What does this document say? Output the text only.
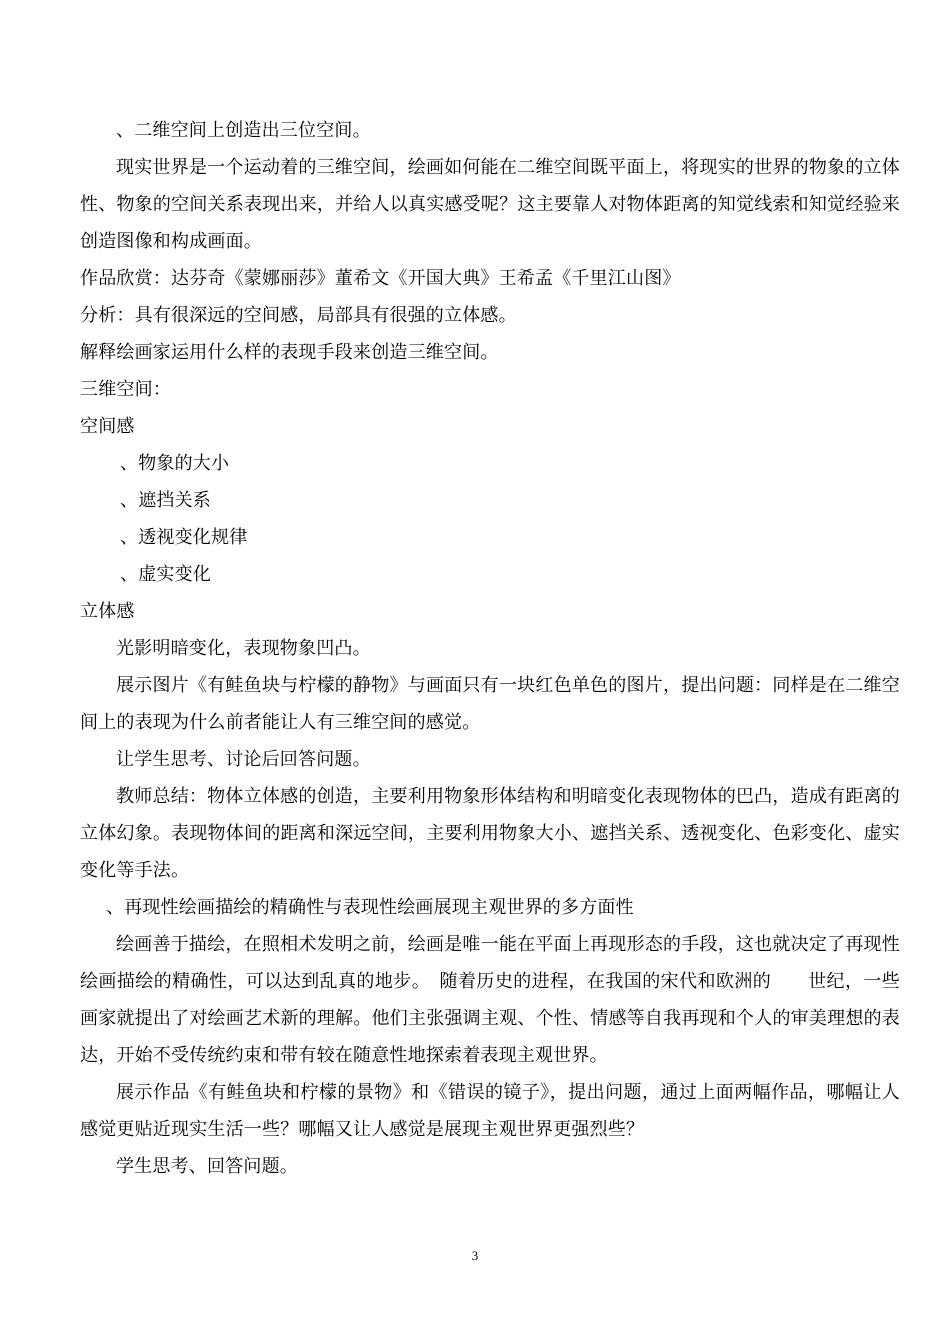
、二维空间上创造出三位空间。

现实世界是一个运动着的三维空间，绘画如何能在二维空间既平面上，将现实的世界的物象的立体性、物象的空间关系表现出来，并给人以真实感受呢？这主要靠人对物体距离的知觉线索和知觉经验来创造图像和构成画面。

作品欣赏：达芬奇《蒙娜丽莎》董希文《开国大典》王希孟《千里江山图》

分析：具有很深远的空间感，局部具有很强的立体感。

解释绘画家运用什么样的表现手段来创造三维空间。

三维空间：

空间感

、物象的大小

、遮挡关系

、透视变化规律

、虚实变化

立体感

光影明暗变化，表现物象凹凸。

展示图片《有鲑鱼块与柠檬的静物》与画面只有一块红色单色的图片，提出问题：同样是在二维空间上的表现为什么前者能让人有三维空间的感觉。

让学生思考、讨论后回答问题。

教师总结：物体立体感的创造，主要利用物象形体结构和明暗变化表现物体的巴凸，造成有距离的立体幻象。表现物体间的距离和深远空间，主要利用物象大小、遮挡关系、透视变化、色彩变化、虚实变化等手法。

、再现性绘画描绘的精确性与表现性绘画展现主观世界的多方面性

绘画善于描绘，在照相术发明之前，绘画是唯一能在平面上再现形态的手段，这也就决定了再现性绘画描绘的精确性，可以达到乱真的地步。　随着历史的进程，在我国的宋代和欧洲的　　世纪，一些画家就提出了对绘画艺术新的理解。他们主张强调主观、个性、情感等自我再现和个人的审美理想的表达，开始不受传统约束和带有较在随意性地探索着表现主观世界。

展示作品《有鲑鱼块和柠檬的景物》和《错误的镜子》，提出问题，通过上面两幅作品，哪幅让人感觉更贴近现实生活一些？哪幅又让人感觉是展现主观世界更强烈些？

学生思考、回答问题。

3
